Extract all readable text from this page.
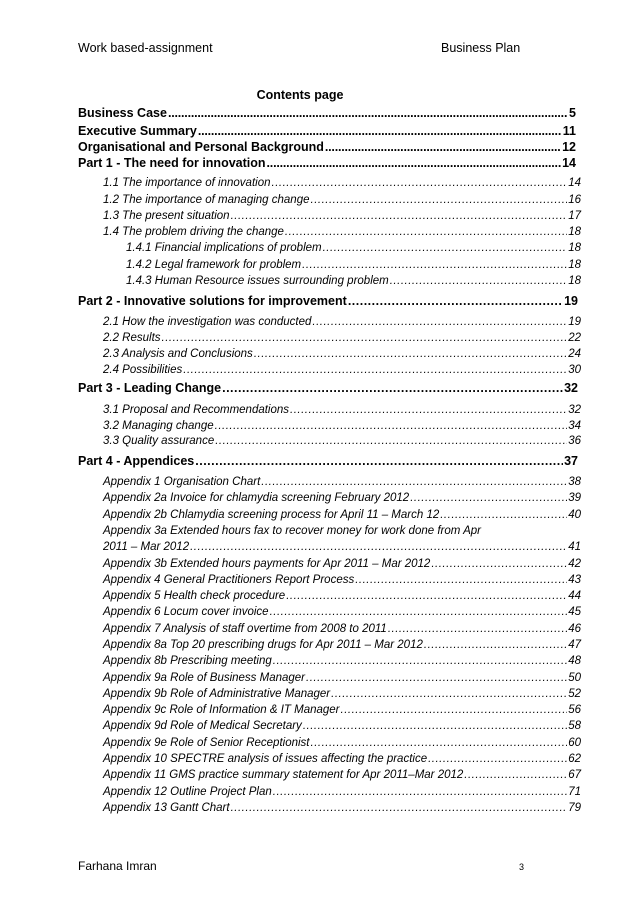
Work based-assignment	Business Plan
Contents page
Business Case .....	5
Executive Summary .....	11
Organisational and Personal Background .....	12
Part 1 - The need for innovation .....	14
1.1 The importance of innovation .....	14
1.2 The importance of managing change .....	16
1.3 The present situation .....	17
1.4 The problem driving the change .....	18
1.4.1 Financial implications of problem .....	18
1.4.2 Legal framework for problem .....	18
1.4.3 Human Resource issues surrounding problem .....	18
Part 2 - Innovative solutions for improvement .....	19
2.1 How the investigation was conducted .....	19
2.2 Results .....	22
2.3 Analysis and Conclusions .....	24
2.4 Possibilities .....	30
Part 3 - Leading Change .....	32
3.1 Proposal and Recommendations .....	32
3.2 Managing change .....	34
3.3 Quality assurance .....	36
Part 4 - Appendices .....	37
Appendix 1 Organisation Chart .....	38
Appendix 2a Invoice for chlamydia screening February 2012 .....	39
Appendix 2b Chlamydia screening process for April 11 – March 12 .....	40
Appendix 3a Extended hours fax to recover money for work done from Apr
2011 – Mar 2012 .....	41
Appendix 3b Extended hours payments for Apr 2011 – Mar 2012 .....	42
Appendix 4 General Practitioners Report Process .....	43
Appendix 5 Health check procedure .....	44
Appendix 6 Locum cover invoice .....	45
Appendix 7 Analysis of staff overtime from 2008 to 2011 .....	46
Appendix 8a Top 20 prescribing drugs for Apr 2011 – Mar 2012 .....	47
Appendix 8b Prescribing meeting .....	48
Appendix 9a Role of Business Manager .....	50
Appendix 9b Role of Administrative Manager .....	52
Appendix 9c Role of Information & IT Manager .....	56
Appendix 9d Role of Medical Secretary .....	58
Appendix 9e Role of Senior Receptionist .....	60
Appendix 10 SPECTRE analysis of issues affecting the practice .....	62
Appendix 11 GMS practice summary statement for Apr 2011–Mar 2012 .....	67
Appendix 12 Outline Project Plan .....	71
Appendix 13 Gantt Chart .....	79
Farhana Imran	3
